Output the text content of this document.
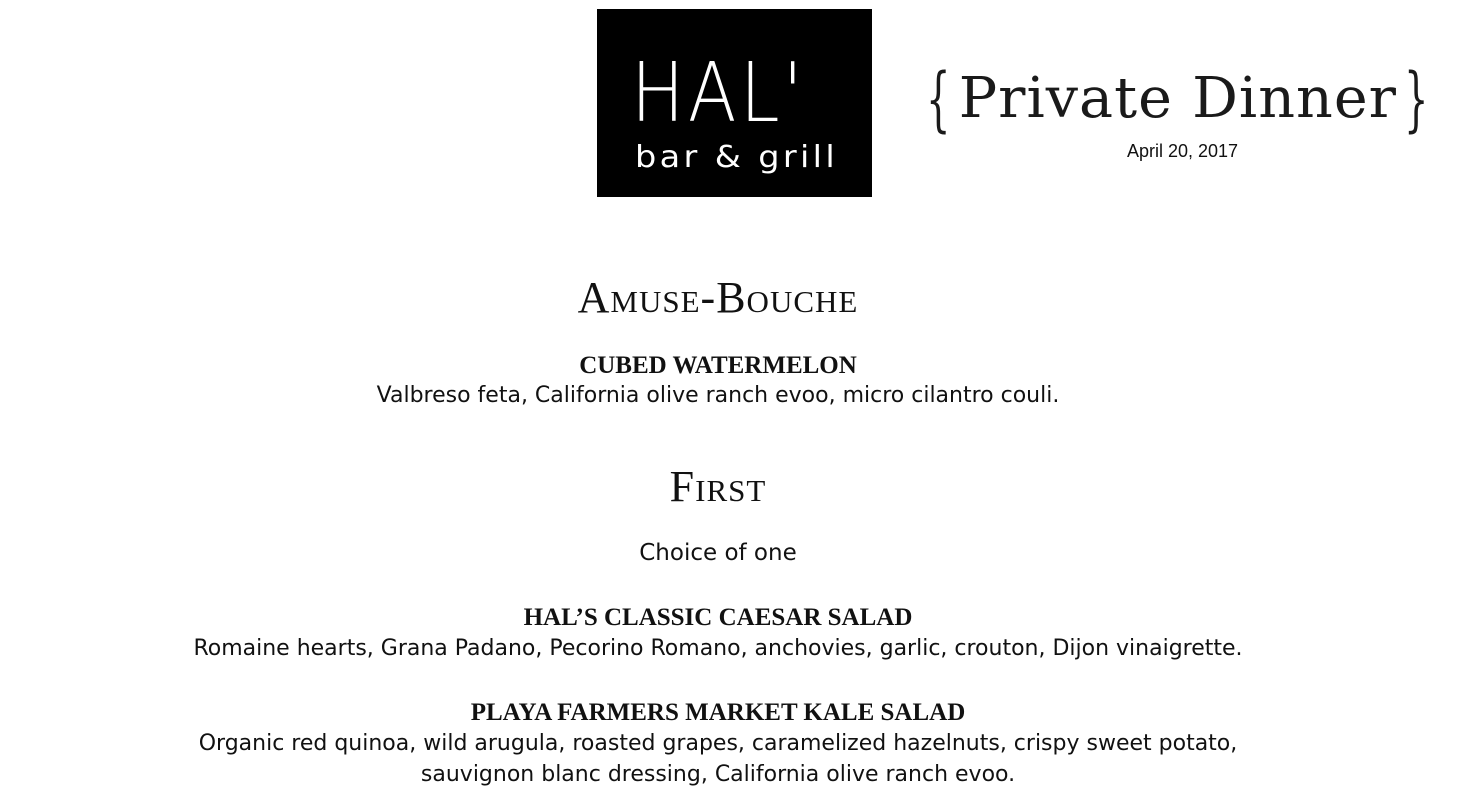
HAL'
bar & grill
{ Private Dinner }
April 20, 2017
Amuse-Bouche
CUBED WATERMELON
Valbreso feta, California olive ranch evoo, micro cilantro couli.
First
Choice of one
HAL’S CLASSIC CAESAR SALAD
Romaine hearts, Grana Padano, Pecorino Romano, anchovies, garlic, crouton, Dijon vinaigrette.
PLAYA FARMERS MARKET KALE SALAD
Organic red quinoa, wild arugula, roasted grapes, caramelized hazelnuts, crispy sweet potato,
sauvignon blanc dressing, California olive ranch evoo.
